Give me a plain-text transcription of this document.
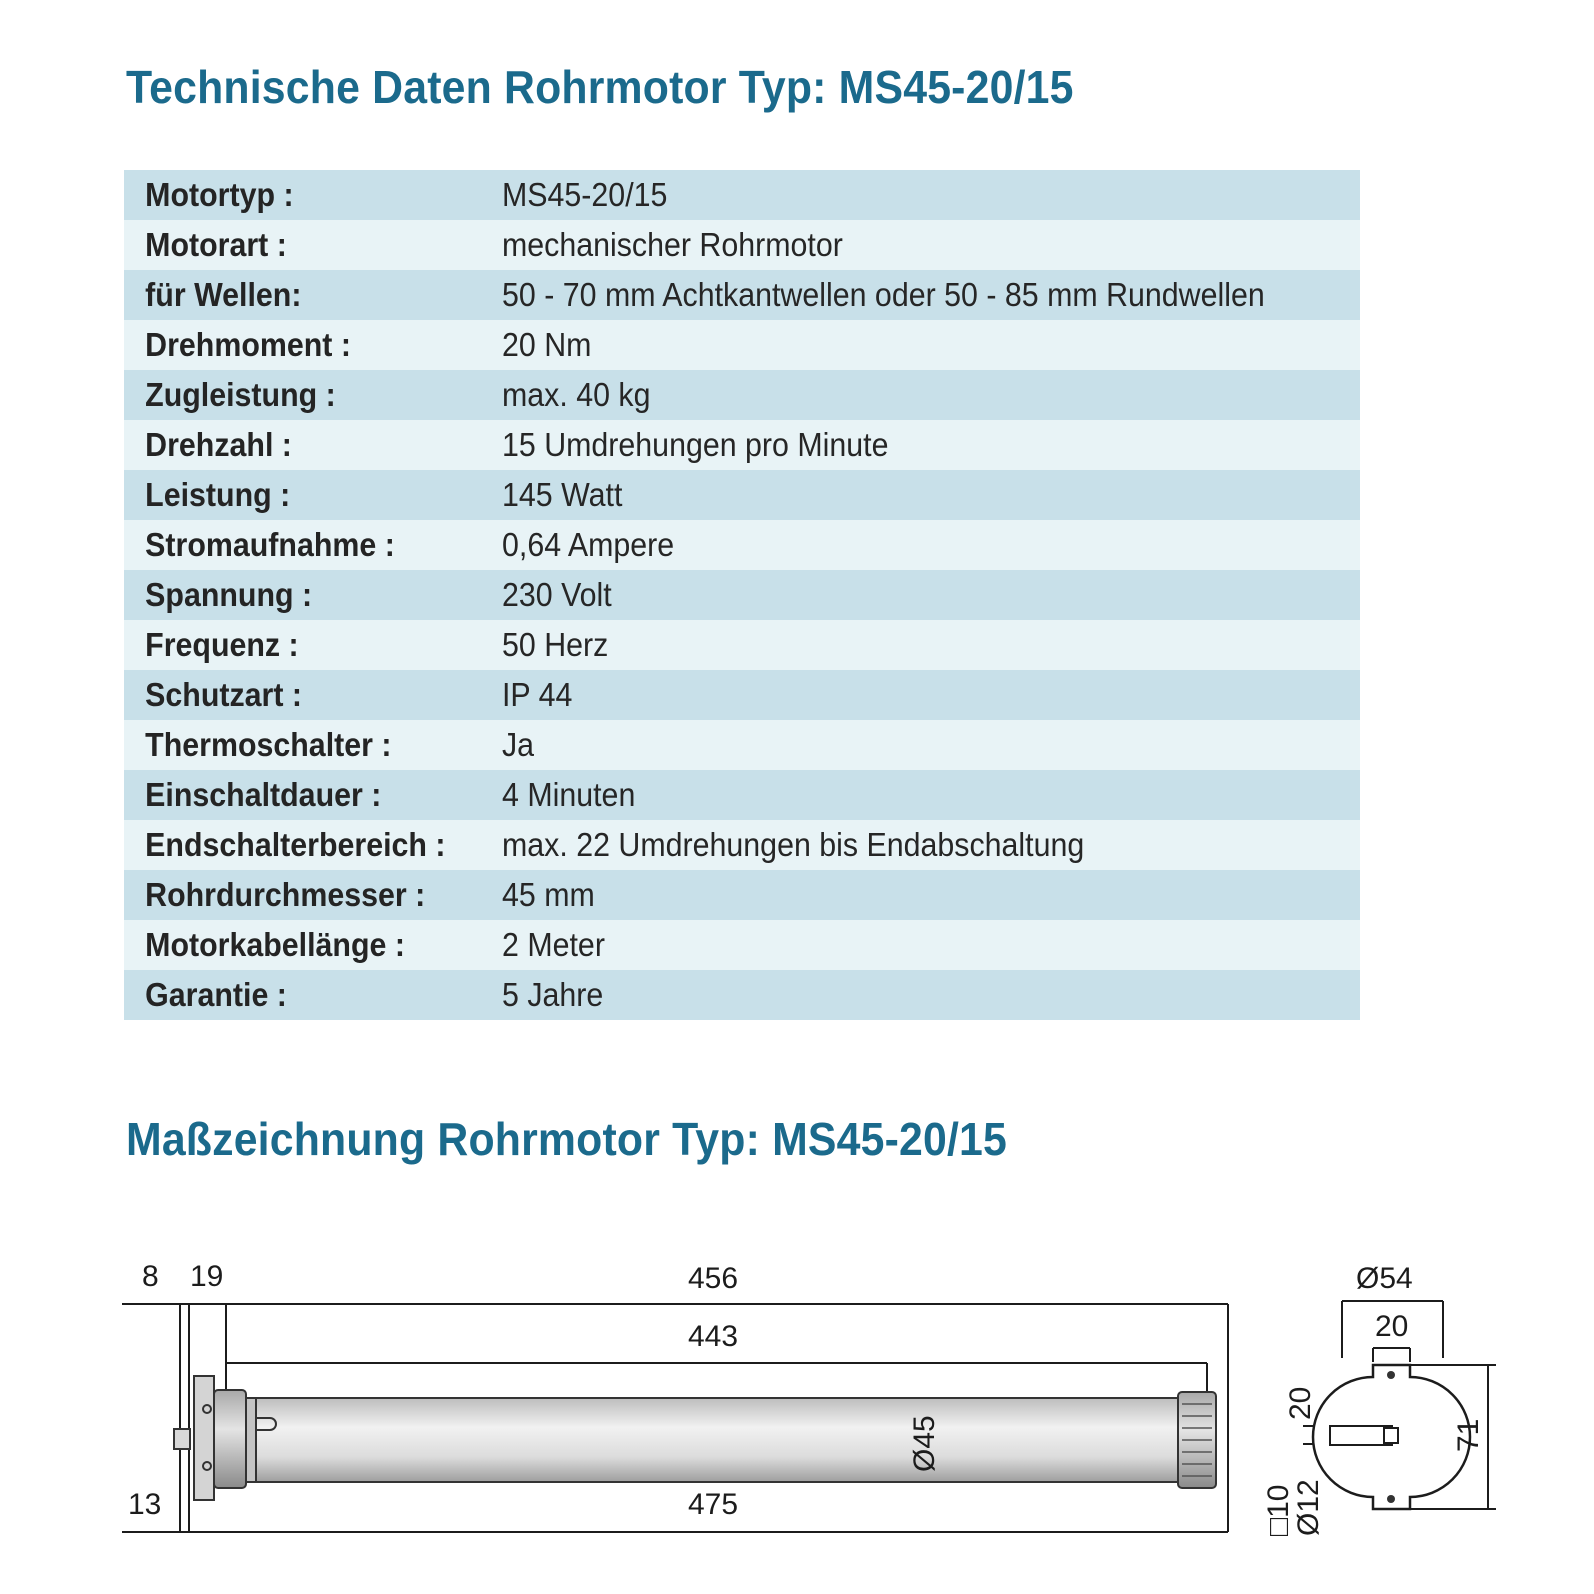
Technische Daten Rohrmotor Typ: MS45-20/15
Motortyp :	MS45-20/15
Motorart :	mechanischer Rohrmotor
für Wellen:	50 - 70 mm Achtkantwellen oder 50 - 85 mm Rundwellen
Drehmoment :	20 Nm
Zugleistung :	max. 40 kg
Drehzahl :	15 Umdrehungen pro Minute
Leistung :	145 Watt
Stromaufnahme :	0,64 Ampere
Spannung :	230 Volt
Frequenz :	50 Herz
Schutzart :	IP 44
Thermoschalter :	Ja
Einschaltdauer :	4 Minuten
Endschalterbereich :	max. 22 Umdrehungen bis Endabschaltung
Rohrdurchmesser :	45 mm
Motorkabellänge :	2 Meter
Garantie :	5 Jahre
Maßzeichnung Rohrmotor Typ: MS45-20/15
8 19	456
443
13	475
Ø45
Ø54
20
20
71
□10
Ø12
